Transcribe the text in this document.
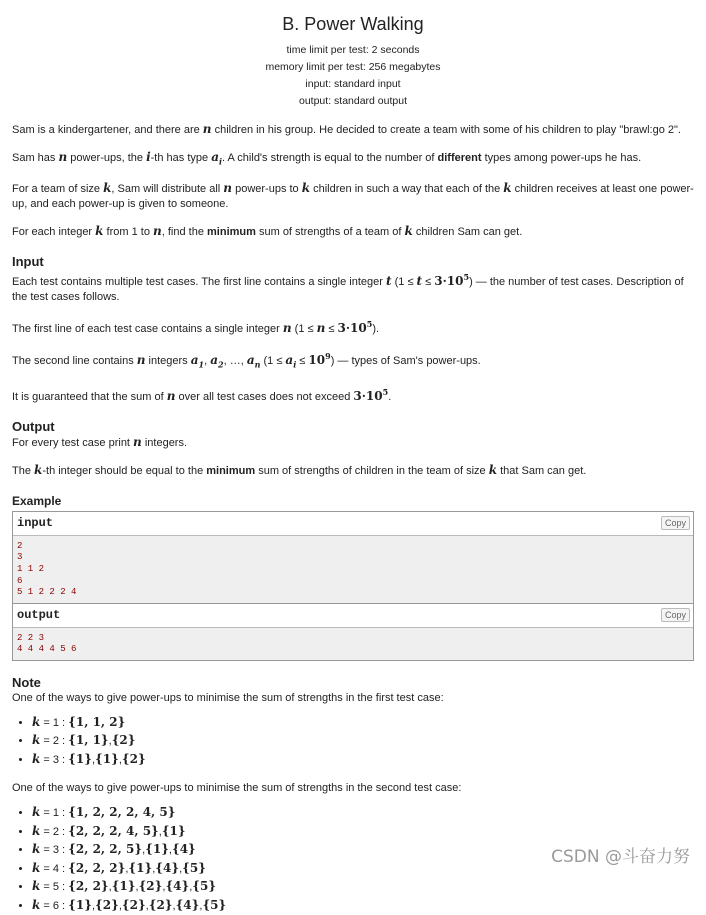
B. Power Walking
time limit per test: 2 seconds
memory limit per test: 256 megabytes
input: standard input
output: standard output
Sam is a kindergartener, and there are n children in his group. He decided to create a team with some of his children to play "brawl:go 2".
Sam has n power-ups, the i-th has type $a_i$. A child's strength is equal to the number of different types among power-ups he has.
For a team of size k, Sam will distribute all n power-ups to k children in such a way that each of the k children receives at least one power-up, and each power-up is given to someone.
For each integer k from 1 to n, find the minimum sum of strengths of a team of k children Sam can get.
Input
Each test contains multiple test cases. The first line contains a single integer t $(1 \le t \le 3\cdot 10^5)$ — the number of test cases. Description of the test cases follows.
The first line of each test case contains a single integer n $(1 \le n \le 3\cdot 10^5)$.
The second line contains n integers $a_1$, $a_2$, …, $a_n$ $(1 \le a_i \le 10^9)$ — types of Sam's power-ups.
It is guaranteed that the sum of n over all test cases does not exceed $3\cdot 10^5$.
Output
For every test case print n integers.
The k-th integer should be equal to the minimum sum of strengths of children in the team of size k that Sam can get.
Example
input	Copy
2
3
1 1 2
6
5 1 2 2 2 4
output	Copy
2 2 3
4 4 4 4 5 6
Note
One of the ways to give power-ups to minimise the sum of strengths in the first test case:
• k = 1 : {1, 1, 2}
• k = 2 : {1, 1},{2}
• k = 3 : {1},{1},{2}
One of the ways to give power-ups to minimise the sum of strengths in the second test case:
• k = 1 : {1, 2, 2, 2, 4, 5}
• k = 2 : {2, 2, 2, 4, 5},{1}
• k = 3 : {2, 2, 2, 5},{1},{4}
• k = 4 : {2, 2, 2},{1},{4},{5}
• k = 5 : {2, 2},{1},{2},{4},{5}
• k = 6 : {1},{2},{2},{2},{4},{5}
CSDN @斗奋力努
